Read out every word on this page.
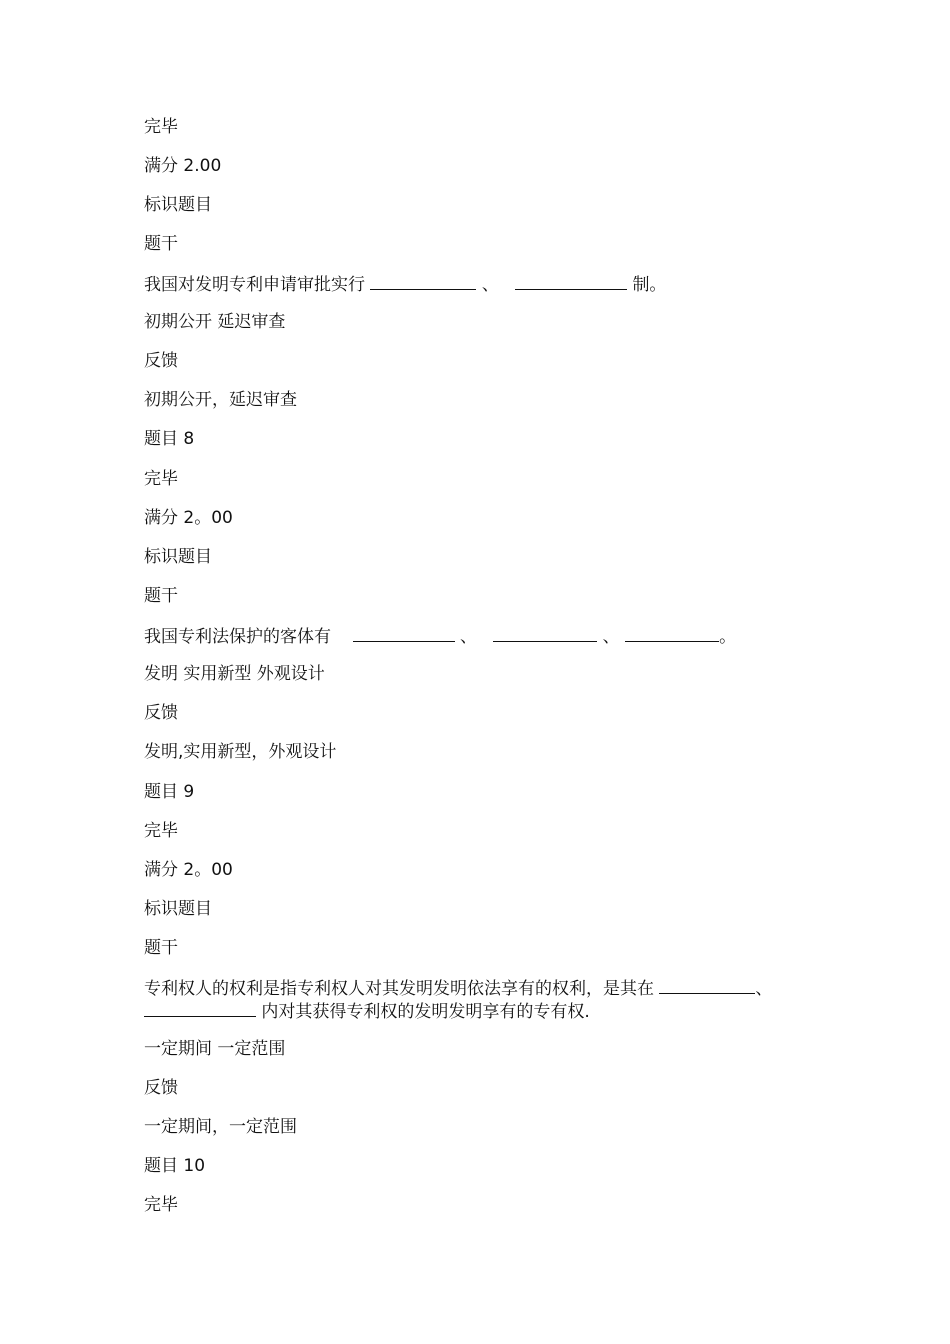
完毕
满分 2.00
标识题目
题干
我国对发明专利申请审批实行	、	制。
初期公开 延迟审查
反馈
初期公开，延迟审查
题目 8
完毕
满分 2。00
标识题目
题干
我国专利法保护的客体有	、	、	。
发明 实用新型 外观设计
反馈
发明,实用新型，外观设计
题目 9
完毕
满分 2。00
标识题目
题干
专利权人的权利是指专利权人对其发明发明依法享有的权利，是其在	、
内对其获得专利权的发明发明享有的专有权.
一定期间 一定范围
反馈
一定期间，一定范围
题目 10
完毕
